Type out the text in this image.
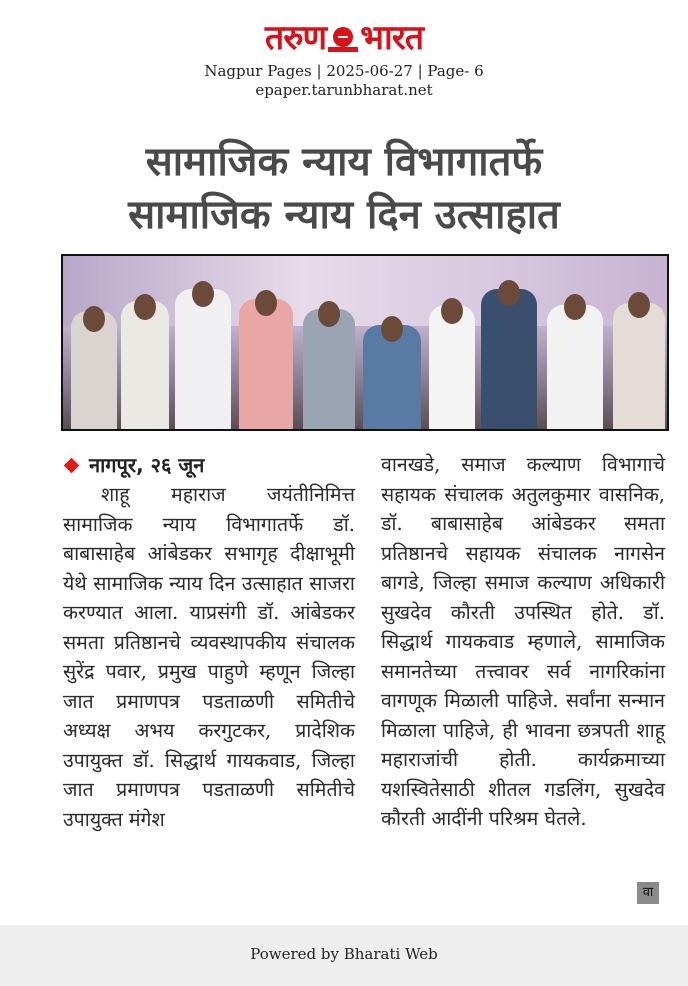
तरुण भारत
Nagpur Pages | 2025-06-27 | Page- 6
epaper.tarunbharat.net
सामाजिक न्याय विभागातर्फे
सामाजिक न्याय दिन उत्साहात
नागपूर, २६ जून

शाहू महाराज जयंतीनिमित्त सामाजिक न्याय विभागातर्फे डॉ. बाबासाहेब आंबेडकर सभागृह दीक्षाभूमी येथे सामाजिक न्याय दिन उत्साहात साजरा करण्यात आला. याप्रसंगी डॉ. आंबेडकर समता प्रतिष्ठानचे व्यवस्थापकीय संचालक सुरेंद्र पवार, प्रमुख पाहुणे म्हणून जिल्हा जात प्रमाणपत्र पडताळणी समितीचे अध्यक्ष अभय करगुटकर, प्रादेशिक उपायुक्त डॉ. सिद्धार्थ गायकवाड, जिल्हा जात प्रमाणपत्र पडताळणी समितीचे उपायुक्त मंगेश

वानखडे, समाज कल्याण विभागाचे सहायक संचालक अतुलकुमार वासनिक, डॉ. बाबासाहेब आंबेडकर समता प्रतिष्ठानचे सहायक संचालक नागसेन बागडे, जिल्हा समाज कल्याण अधिकारी सुखदेव कौरती उपस्थित होते. डॉ. सिद्धार्थ गायकवाड म्हणाले, सामाजिक समानतेच्या तत्त्वावर सर्व नागरिकांना वागणूक मिळाली पाहिजे. सर्वांना सन्मान मिळाला पाहिजे, ही भावना छत्रपती शाहू महाराजांची होती. कार्यक्रमाच्या यशस्वितेसाठी शीतल गडलिंग, सुखदेव कौरती आदींनी परिश्रम घेतले.

वा
Powered by Bharati Web
